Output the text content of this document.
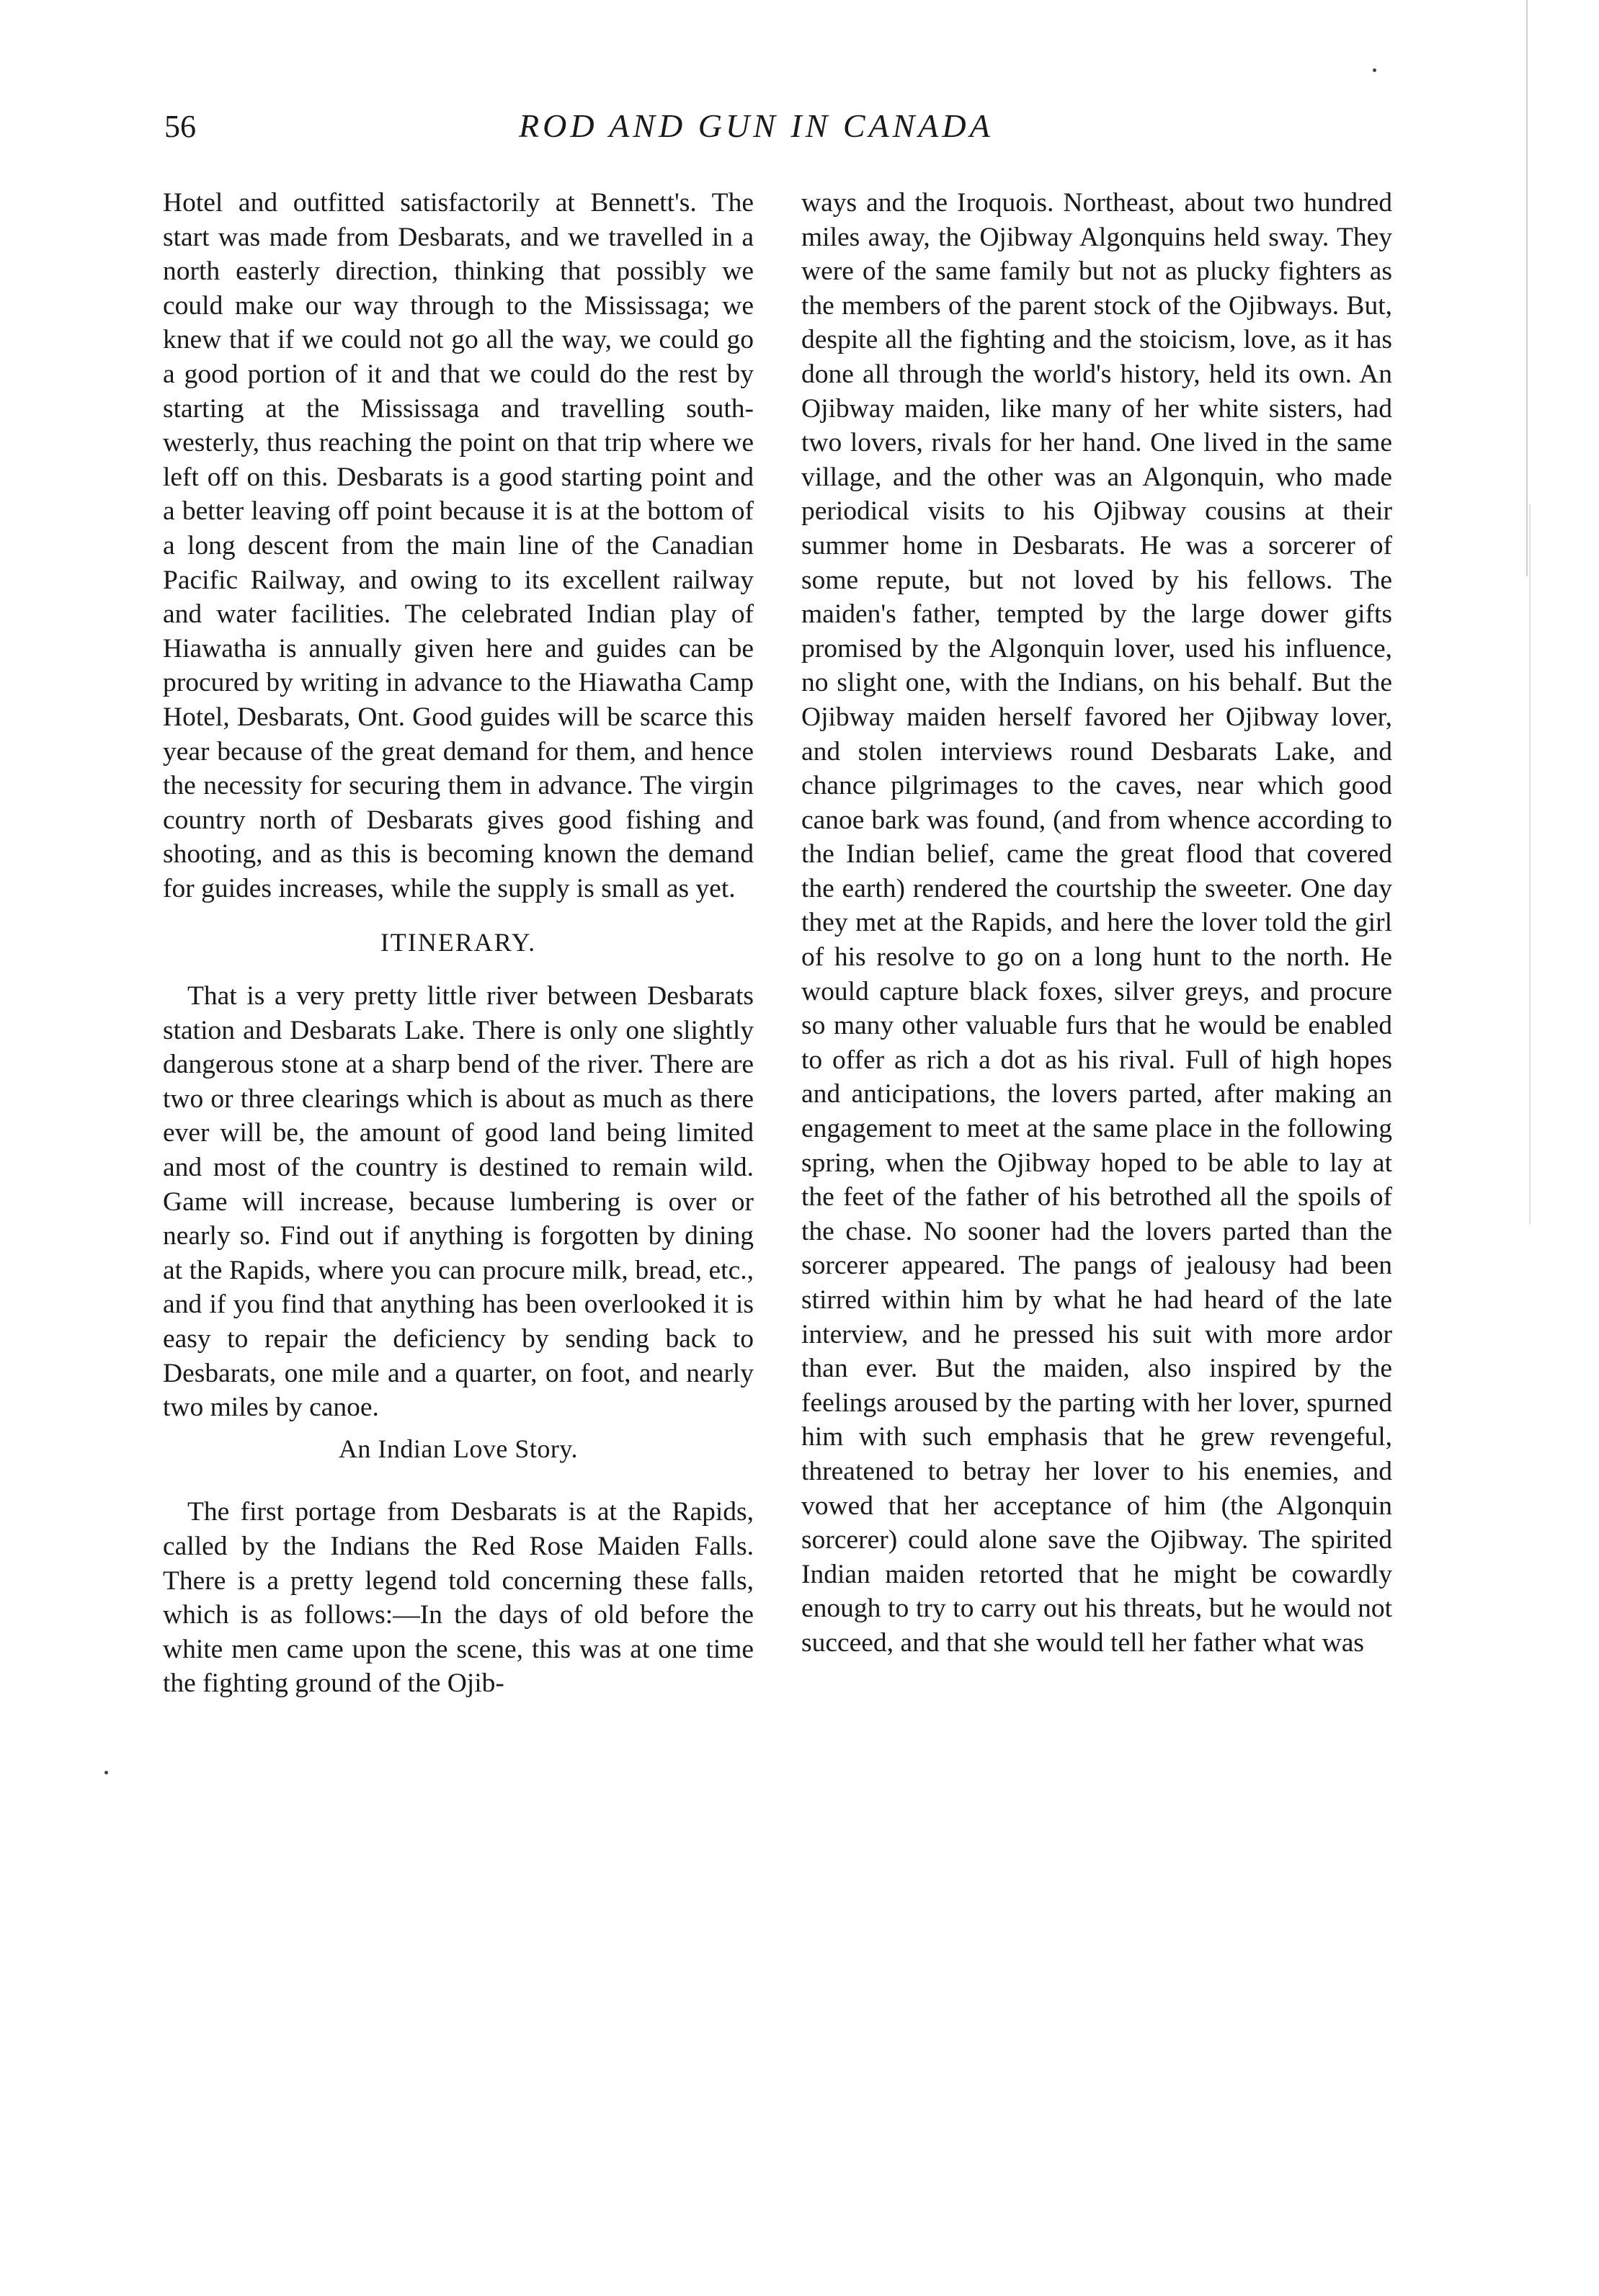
56	ROD AND GUN IN CANADA

Hotel and outfitted satisfactorily at Bennett's. The start was made from Desbarats, and we travelled in a north easterly direction, thinking that possibly we could make our way through to the Mississaga; we knew that if we could not go all the way, we could go a good portion of it and that we could do the rest by starting at the Mississaga and travelling south-westerly, thus reaching the point on that trip where we left off on this. Desbarats is a good starting point and a better leaving off point because it is at the bottom of a long descent from the main line of the Canadian Pacific Railway, and owing to its excellent railway and water facilities. The celebrated Indian play of Hiawatha is annually given here and guides can be procured by writing in advance to the Hiawatha Camp Hotel, Desbarats, Ont. Good guides will be scarce this year because of the great demand for them, and hence the necessity for securing them in advance. The virgin country north of Desbarats gives good fishing and shooting, and as this is becoming known the demand for guides increases, while the supply is small as yet.

ITINERARY.

That is a very pretty little river between Desbarats station and Desbarats Lake. There is only one slightly dangerous stone at a sharp bend of the river. There are two or three clearings which is about as much as there ever will be, the amount of good land being limited and most of the country is destined to remain wild. Game will increase, because lumbering is over or nearly so. Find out if anything is forgotten by dining at the Rapids, where you can procure milk, bread, etc., and if you find that anything has been overlooked it is easy to repair the deficiency by sending back to Desbarats, one mile and a quarter, on foot, and nearly two miles by canoe.

An Indian Love Story.

The first portage from Desbarats is at the Rapids, called by the Indians the Red Rose Maiden Falls. There is a pretty legend told concerning these falls, which is as follows:—In the days of old before the white men came upon the scene, this was at one time the fighting ground of the Ojib-

ways and the Iroquois. Northeast, about two hundred miles away, the Ojibway Algonquins held sway. They were of the same family but not as plucky fighters as the members of the parent stock of the Ojibways. But, despite all the fighting and the stoicism, love, as it has done all through the world's history, held its own. An Ojibway maiden, like many of her white sisters, had two lovers, rivals for her hand. One lived in the same village, and the other was an Algonquin, who made periodical visits to his Ojibway cousins at their summer home in Desbarats. He was a sorcerer of some repute, but not loved by his fellows. The maiden's father, tempted by the large dower gifts promised by the Algonquin lover, used his influence, no slight one, with the Indians, on his behalf. But the Ojibway maiden herself favored her Ojibway lover, and stolen interviews round Desbarats Lake, and chance pilgrimages to the caves, near which good canoe bark was found, (and from whence according to the Indian belief, came the great flood that covered the earth) rendered the courtship the sweeter. One day they met at the Rapids, and here the lover told the girl of his resolve to go on a long hunt to the north. He would capture black foxes, silver greys, and procure so many other valuable furs that he would be enabled to offer as rich a dot as his rival. Full of high hopes and anticipations, the lovers parted, after making an engagement to meet at the same place in the following spring, when the Ojibway hoped to be able to lay at the feet of the father of his betrothed all the spoils of the chase. No sooner had the lovers parted than the sorcerer appeared. The pangs of jealousy had been stirred within him by what he had heard of the late interview, and he pressed his suit with more ardor than ever. But the maiden, also inspired by the feelings aroused by the parting with her lover, spurned him with such emphasis that he grew revengeful, threatened to betray her lover to his enemies, and vowed that her acceptance of him (the Algonquin sorcerer) could alone save the Ojibway. The spirited Indian maiden retorted that he might be cowardly enough to try to carry out his threats, but he would not succeed, and that she would tell her father what was
